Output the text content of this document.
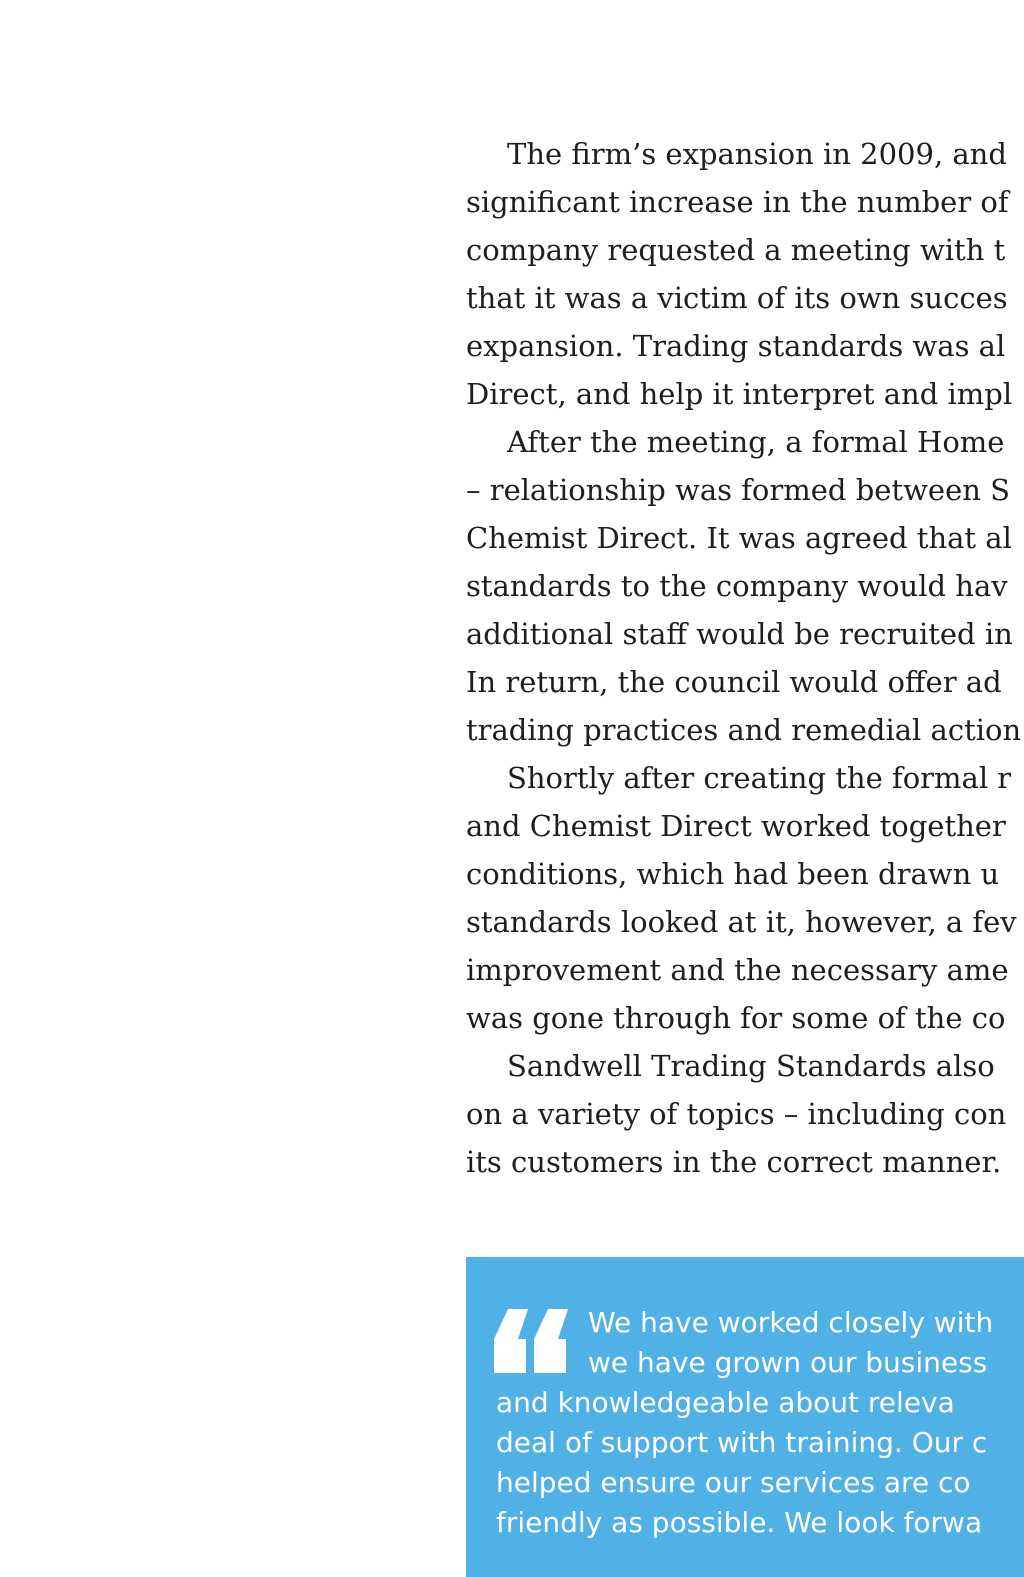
The firm’s expansion in 2009, and
significant increase in the number of
company requested a meeting with t
that it was a victim of its own succes
expansion. Trading standards was al
Direct, and help it interpret and impl
After the meeting, a formal Home
– relationship was formed between S
Chemist Direct. It was agreed that al
standards to the company would hav
additional staff would be recruited in
In return, the council would offer ad
trading practices and remedial action
Shortly after creating the formal r
and Chemist Direct worked together
conditions, which had been drawn u
standards looked at it, however, a fev
improvement and the necessary ame
was gone through for some of the co
Sandwell Trading Standards also
on a variety of topics – including con
its customers in the correct manner.
We have worked closely with
we have grown our business
and knowledgeable about releva
deal of support with training. Our c
helped ensure our services are co
friendly as possible. We look forwa
